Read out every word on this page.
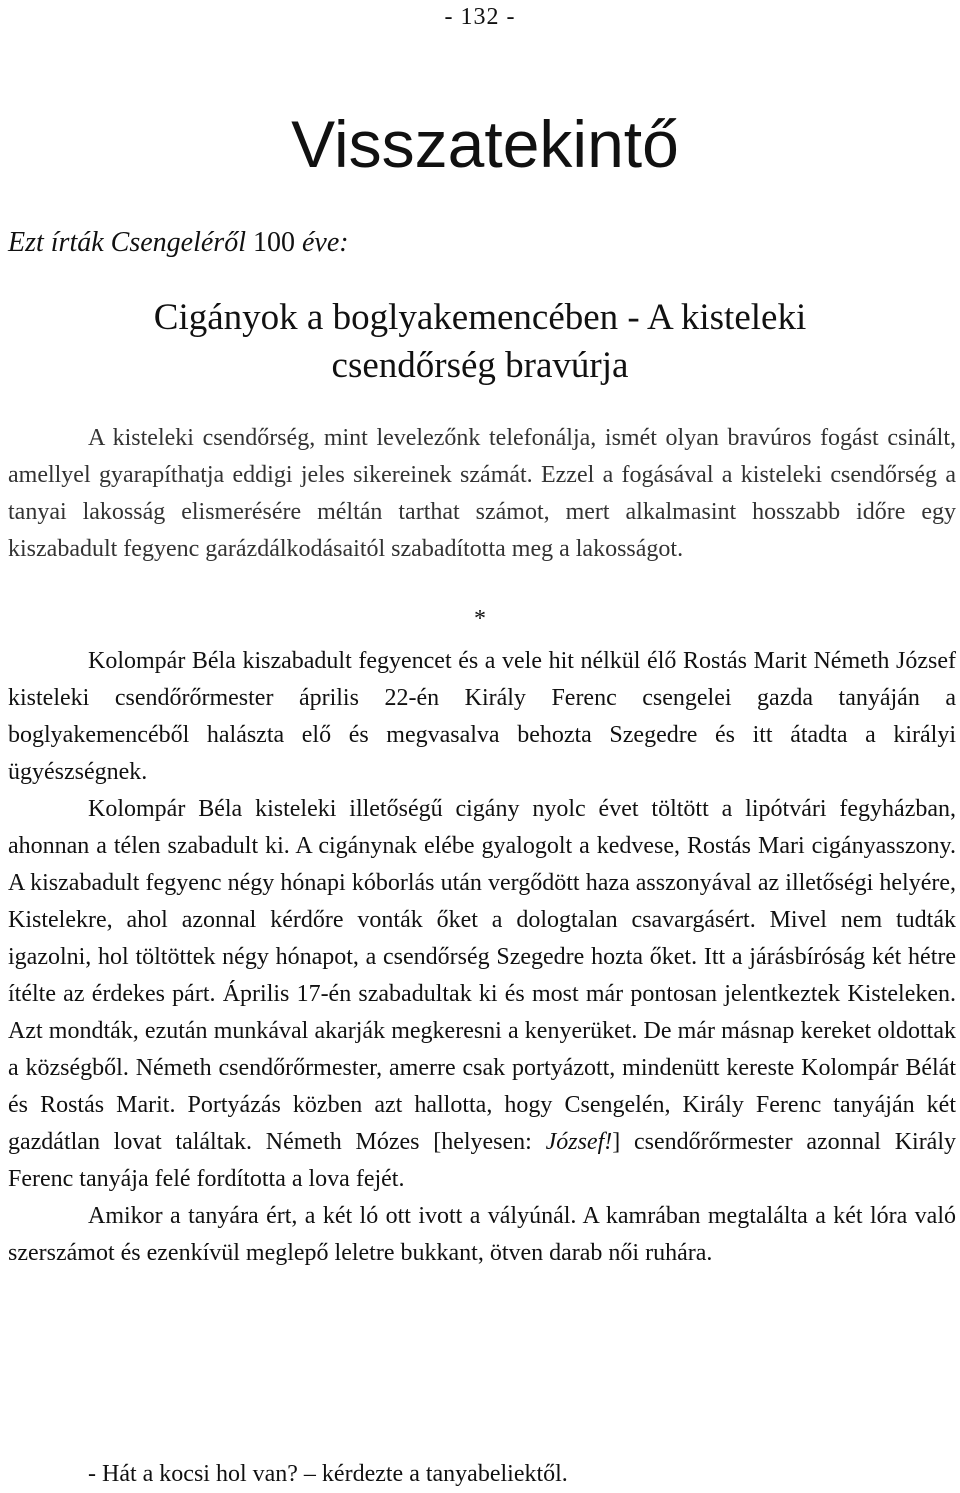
- 132 -
Visszatekintő
Ezt írták Csengeléről 100 éve:
Cigányok a boglyakemencében - A kisteleki
csendőrség bravúrja

A kisteleki csendőrség, mint levelezőnk telefonálja, ismét olyan bravúros fogást csinált, amellyel gyarapíthatja eddigi jeles sikereinek számát. Ezzel a fogásával a kisteleki csendőrség a tanyai lakosság elismerésére méltán tarthat számot, mert alkalmasint hosszabb időre egy kiszabadult fegyenc garázdálkodásaitól szabadította meg a lakosságot.

*

Kolompár Béla kiszabadult fegyencet és a vele hit nélkül élő Rostás Marit Németh József kisteleki csendőrőrmester április 22-én Király Ferenc csengelei gazda tanyáján a boglyakemencéből halászta elő és megvasalva behozta Szegedre és itt átadta a királyi ügyészségnek.

Kolompár Béla kisteleki illetőségű cigány nyolc évet töltött a lipótvári fegyházban, ahonnan a télen szabadult ki. A cigánynak elébe gyalogolt a kedvese, Rostás Mari cigányasszony. A kiszabadult fegyenc négy hónapi kóborlás után vergődött haza asszonyával az illetőségi helyére, Kistelekre, ahol azonnal kérdőre vonták őket a dologtalan csavargásért. Mivel nem tudták igazolni, hol töltöttek négy hónapot, a csendőrség Szegedre hozta őket. Itt a járásbíróság két hétre ítélte az érdekes párt. Április 17-én szabadultak ki és most már pontosan jelentkeztek Kisteleken. Azt mondták, ezután munkával akarják megkeresni a kenyerüket. De már másnap kereket oldottak a községből. Németh csendőrőrmester, amerre csak portyázott, mindenütt kereste Kolompár Bélát és Rostás Marit. Portyázás közben azt hallotta, hogy Csengelén, Király Ferenc tanyáján két gazdátlan lovat találtak. Németh Mózes [helyesen: József!] csendőrőrmester azonnal Király Ferenc tanyája felé fordította a lova fejét.

Amikor a tanyára ért, a két ló ott ivott a vályúnál. A kamrában megtalálta a két lóra való szerszámot és ezenkívül meglepő leletre bukkant, ötven darab női ruhára.

- Hát a kocsi hol van? – kérdezte a tanyabeliektől.
